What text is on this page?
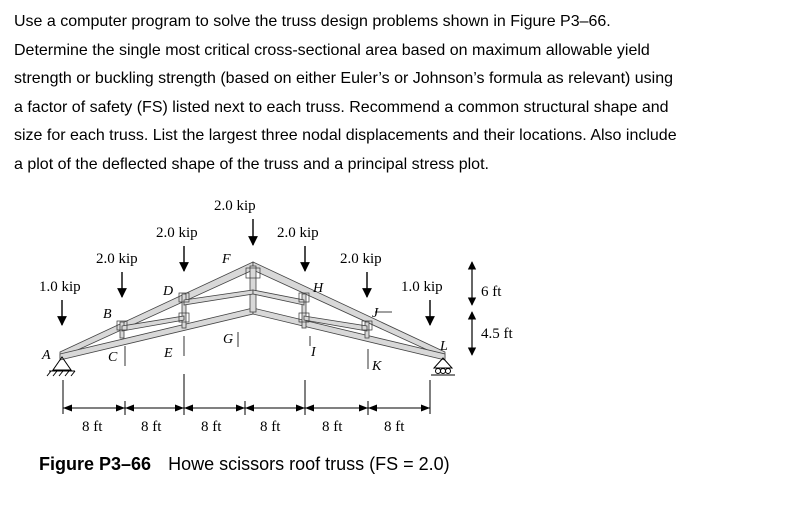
Use a computer program to solve the truss design problems shown in Figure P3–66.

Determine the single most critical cross-sectional area based on maximum allowable yield

strength or buckling strength (based on either Euler’s or Johnson’s formula as relevant) using

a factor of safety (FS) listed next to each truss. Recommend a common structural shape and

size for each truss. List the largest three nodal displacements and their locations. Also include

a plot of the deflected shape of the truss and a principal stress plot.

1.0 kip
2.0 kip
2.0 kip
2.0 kip
2.0 kip
2.0 kip
1.0 kip
A
B
C
D
E
F
G
H
I
J
K
L
6 ft
4.5 ft
8 ft	8 ft	8 ft	8 ft	8 ft	8 ft
Figure P3–66 Howe scissors roof truss (FS = 2.0)
